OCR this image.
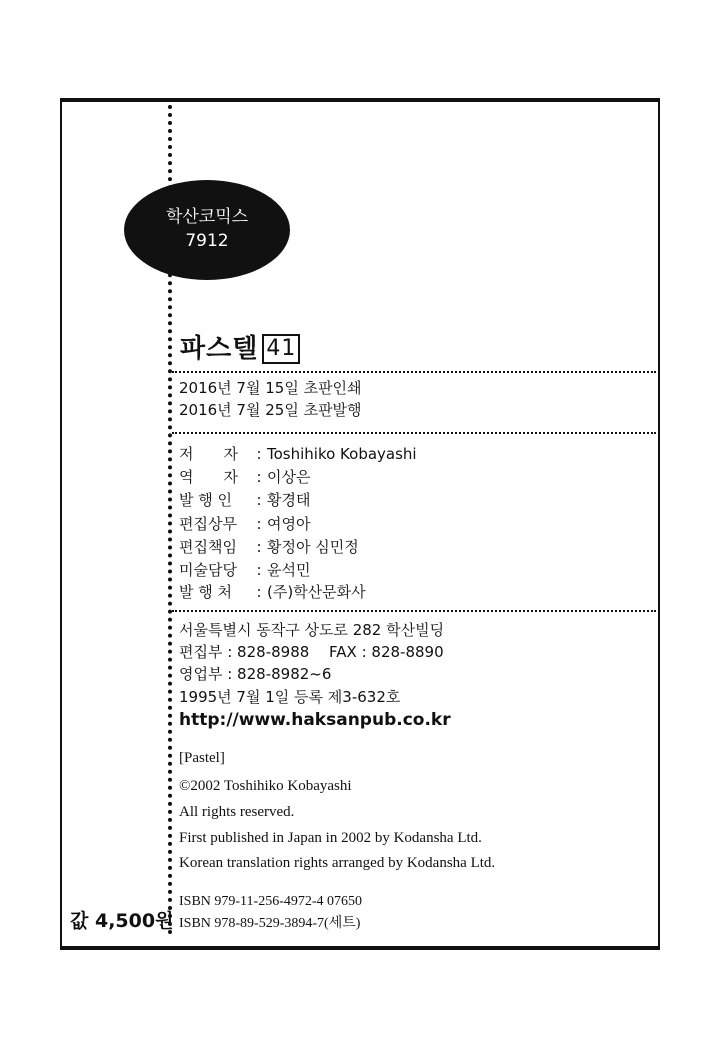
학산코믹스
7912
파스텔 41
2016년 7월 15일 초판인쇄
2016년 7월 25일 초판발행
저　　자 : Toshihiko Kobayashi
역　　자 : 이상은
발 행 인 : 황경태
편집상무 : 여영아
편집책임 : 황정아 심민정
미술담당 : 윤석민
발 행 처 : (주)학산문화사
서울특별시 동작구 상도로 282 학산빌딩
편집부 : 828-8988　 FAX : 828-8890
영업부 : 828-8982~6
1995년 7월 1일 등록 제3-632호
http://www.haksanpub.co.kr
[Pastel]
©2002 Toshihiko Kobayashi
All rights reserved.
First published in Japan in 2002 by Kodansha Ltd.
Korean translation rights arranged by Kodansha Ltd.
ISBN 979-11-256-4972-4 07650
ISBN 978-89-529-3894-7(세트)
값 4,500원
